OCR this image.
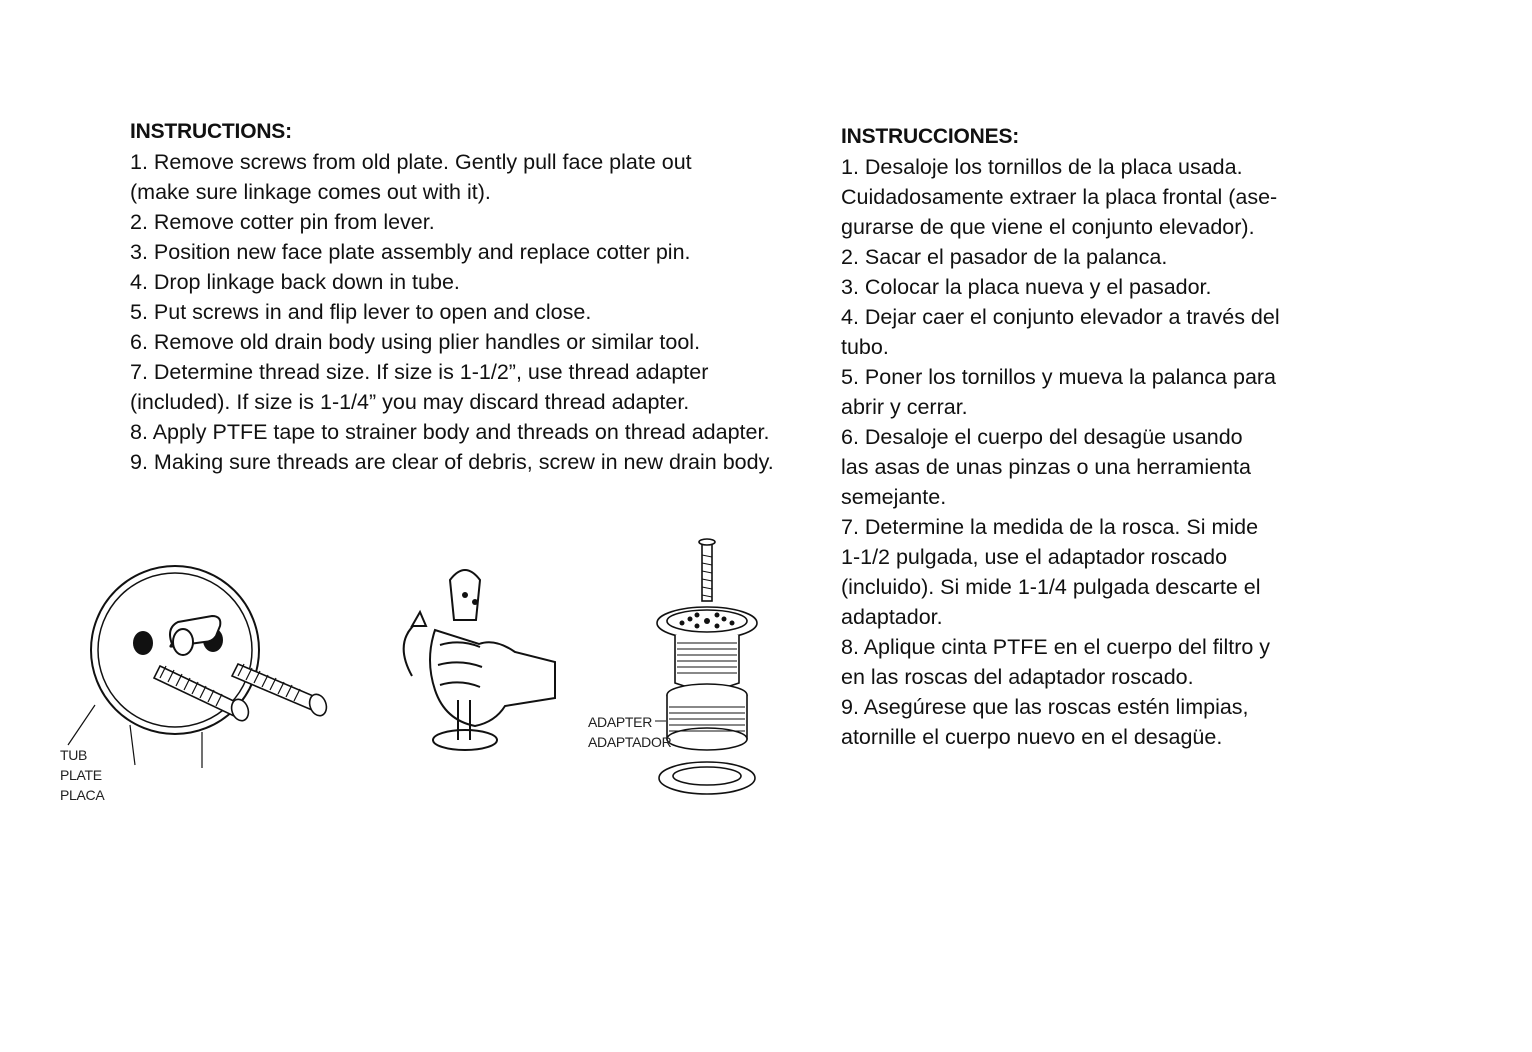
INSTRUCTIONS:
1. Remove screws from old plate. Gently pull face plate out
(make sure linkage comes out with it).
2. Remove cotter pin from lever.
3. Position new face plate assembly and replace cotter pin.
4. Drop linkage back down in tube.
5. Put screws in and flip lever to open and close.
6. Remove old drain body using plier handles or similar tool.
7. Determine thread size. If size is 1-1/2”, use thread adapter
(included). If size is 1-1/4” you may discard thread adapter.
8. Apply PTFE tape to strainer body and threads on thread adapter.
9. Making sure threads are clear of debris, screw in new drain body.
INSTRUCCIONES:
1. Desaloje los tornillos de la placa usada.
Cuidadosamente extraer la placa frontal (ase-
gurarse de que viene el conjunto elevador).
2. Sacar el pasador de la palanca.
3. Colocar la placa nueva y el pasador.
4. Dejar caer el conjunto elevador a través del
tubo.
5. Poner los tornillos y mueva la palanca para
abrir y cerrar.
6. Desaloje el cuerpo del desagüe usando
las asas de unas pinzas o una herramienta
semejante.
7. Determine la medida de la rosca. Si mide
1-1/2 pulgada, use el adaptador roscado
(incluido). Si mide 1-1/4 pulgada descarte el
adaptador.
8. Aplique cinta PTFE en el cuerpo del filtro y
en las roscas del adaptador roscado.
9. Asegúrese que las roscas estén limpias,
atornille el cuerpo nuevo en el desagüe.
TUB
PLATE
PLACA
ADAPTER
ADAPTADOR
